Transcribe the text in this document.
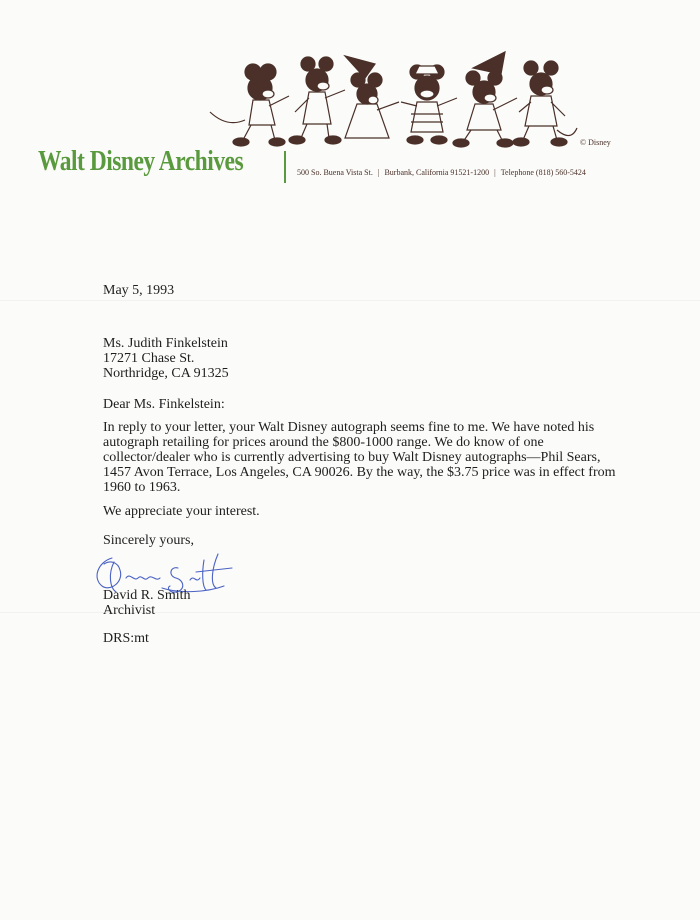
© Disney
Walt Disney Archives	500 So. Buena Vista St. | Burbank, California 91521-1200 | Telephone (818) 560-5424
May 5, 1993
Ms. Judith Finkelstein
17271 Chase St.
Northridge, CA 91325
Dear Ms. Finkelstein:
In reply to your letter, your Walt Disney autograph seems fine to me. We have noted his
autograph retailing for prices around the $800-1000 range. We do know of one
collector/dealer who is currently advertising to buy Walt Disney autographs—Phil Sears,
1457 Avon Terrace, Los Angeles, CA 90026. By the way, the $3.75 price was in effect from
1960 to 1963.
We appreciate your interest.
Sincerely yours,
David R. Smith
Archivist
DRS:mt
